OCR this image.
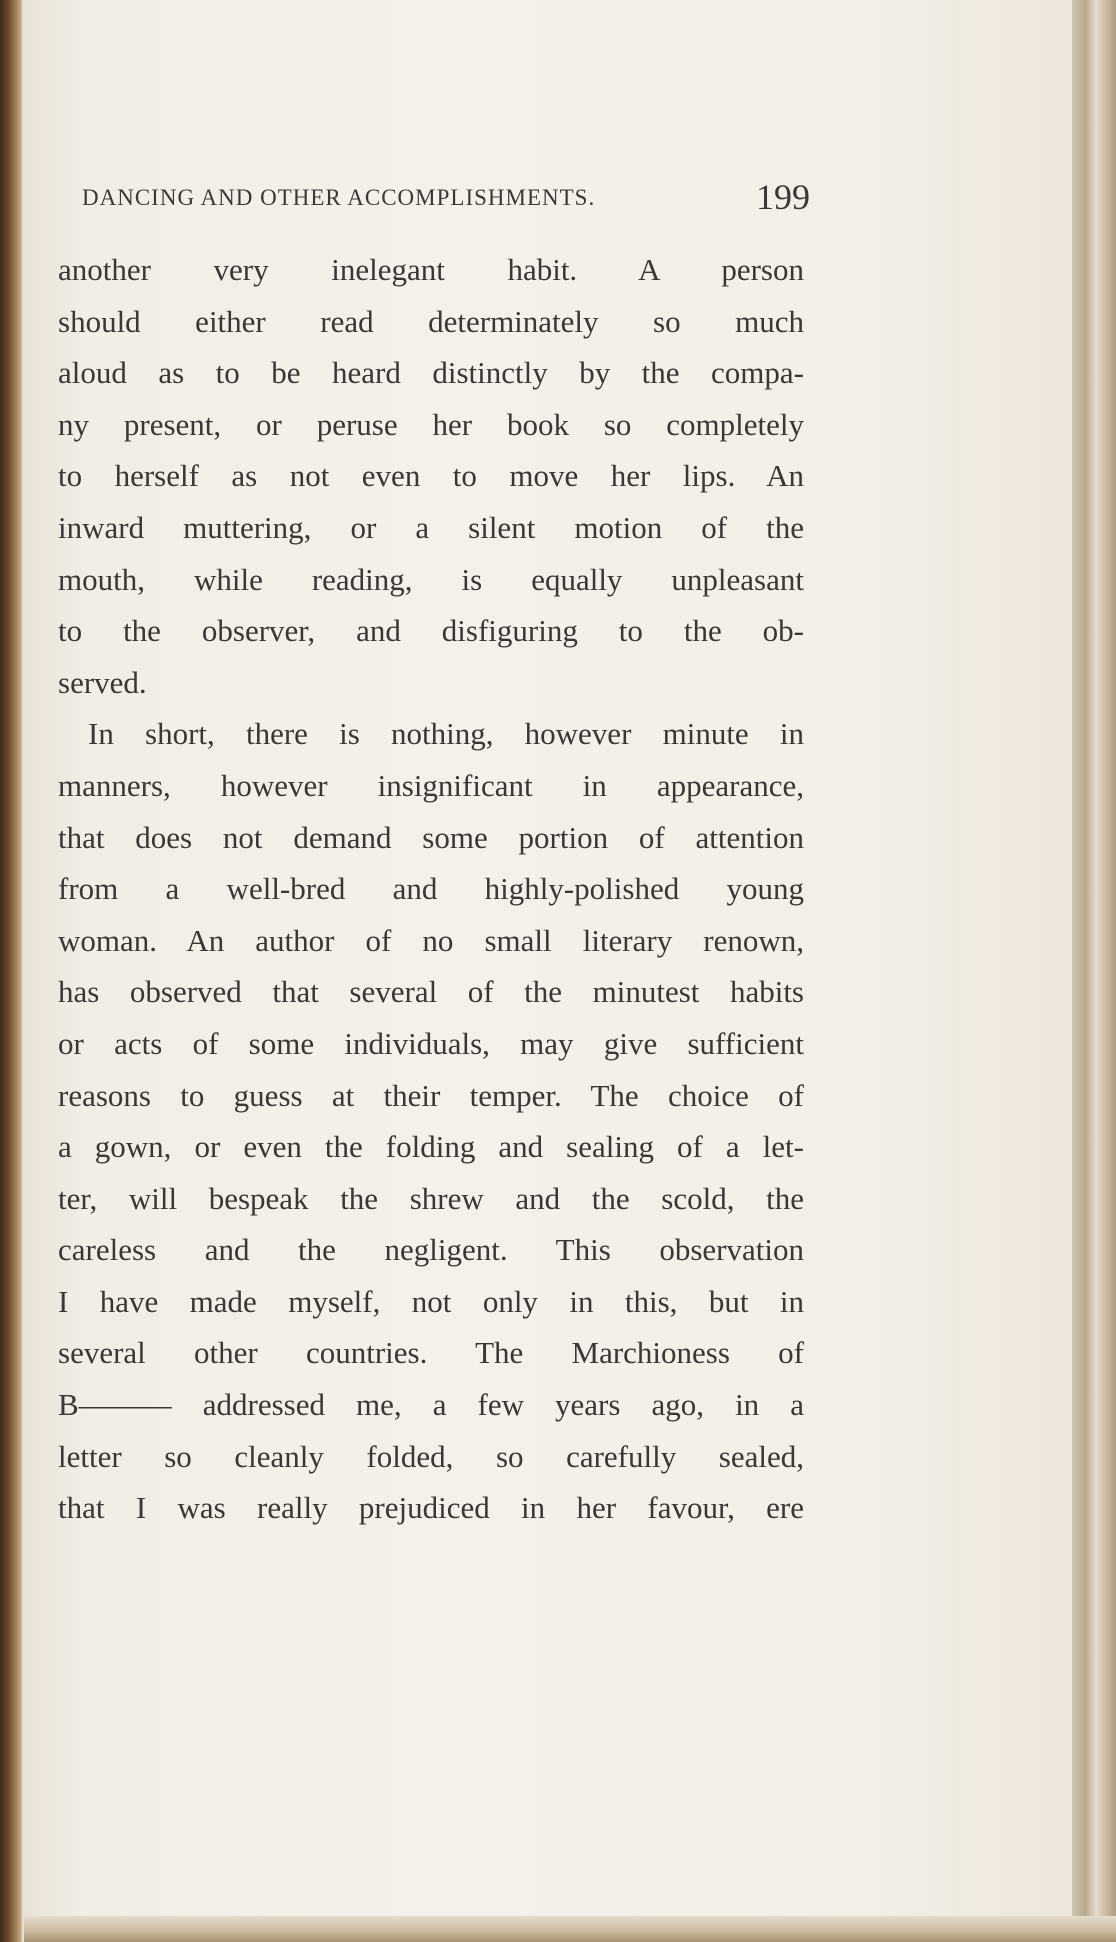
DANCING AND OTHER ACCOMPLISHMENTS.	199
another very inelegant habit. A person
should either read determinately so much
aloud as to be heard distinctly by the compa-
ny present, or peruse her book so completely
to herself as not even to move her lips. An
inward muttering, or a silent motion of the
mouth, while reading, is equally unpleasant
to the observer, and disfiguring to the ob-
served.
In short, there is nothing, however minute in
manners, however insignificant in appearance,
that does not demand some portion of attention
from a well-bred and highly-polished young
woman. An author of no small literary renown,
has observed that several of the minutest habits
or acts of some individuals, may give sufficient
reasons to guess at their temper. The choice of
a gown, or even the folding and sealing of a let-
ter, will bespeak the shrew and the scold, the
careless and the negligent. This observation
I have made myself, not only in this, but in
several other countries. The Marchioness of
B——— addressed me, a few years ago, in a
letter so cleanly folded, so carefully sealed,
that I was really prejudiced in her favour, ere
